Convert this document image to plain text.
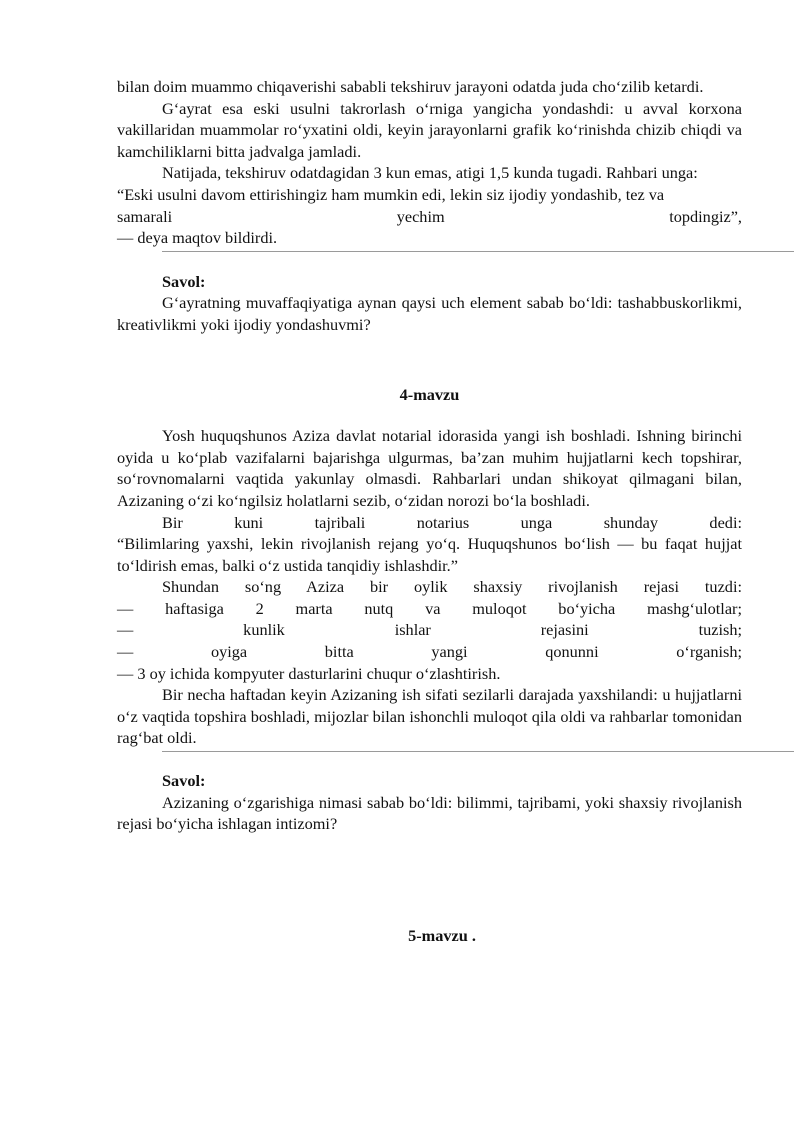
bilan doim muammo chiqaverishi sababli tekshiruv jarayoni odatda juda cho‘zilib ketardi.

G‘ayrat esa eski usulni takrorlash o‘rniga yangicha yondashdi: u avval korxona vakillaridan muammolar ro‘yxatini oldi, keyin jarayonlarni grafik ko‘rinishda chizib chiqdi va kamchiliklarni bitta jadvalga jamladi.

Natijada, tekshiruv odatdagidan 3 kun emas, atigi 1,5 kunda tugadi. Rahbari unga:

“Eski usulni davom ettirishingiz ham mumkin edi, lekin siz ijodiy yondashib, tez va

samarali	yechim	topdingiz”,

— deya maqtov bildirdi.

Savol:

G‘ayratning muvaffaqiyatiga aynan qaysi uch element sabab bo‘ldi: tashabbuskorlikmi, kreativlikmi yoki ijodiy yondashuvmi?

4-mavzu

Yosh huquqshunos Aziza davlat notarial idorasida yangi ish boshladi. Ishning birinchi oyida u ko‘plab vazifalarni bajarishga ulgurmas, ba’zan muhim hujjatlarni kech topshirar, so‘rovnomalarni vaqtida yakunlay olmasdi. Rahbarlari undan shikoyat qilmagani bilan, Azizaning o‘zi ko‘ngilsiz holatlarni sezib, o‘zidan norozi bo‘la boshladi.

Bir kuni tajribali notarius unga shunday dedi:

“Bilimlaring yaxshi, lekin rivojlanish rejang yo‘q. Huquqshunos bo‘lish — bu faqat hujjat to‘ldirish emas, balki o‘z ustida tanqidiy ishlashdir.”

Shundan so‘ng Aziza bir oylik shaxsiy rivojlanish rejasi tuzdi:

— haftasiga 2 marta nutq va muloqot bo‘yicha mashg‘ulotlar;

— kunlik ishlar rejasini tuzish;

— oyiga bitta yangi qonunni o‘rganish;

— 3 oy ichida kompyuter dasturlarini chuqur o‘zlashtirish.

Bir necha haftadan keyin Azizaning ish sifati sezilarli darajada yaxshilandi: u hujjatlarni o‘z vaqtida topshira boshladi, mijozlar bilan ishonchli muloqot qila oldi va rahbarlar tomonidan rag‘bat oldi.

Savol:

Azizaning o‘zgarishiga nimasi sabab bo‘ldi: bilimmi, tajribami, yoki shaxsiy rivojlanish rejasi bo‘yicha ishlagan intizomi?

5-mavzu .
